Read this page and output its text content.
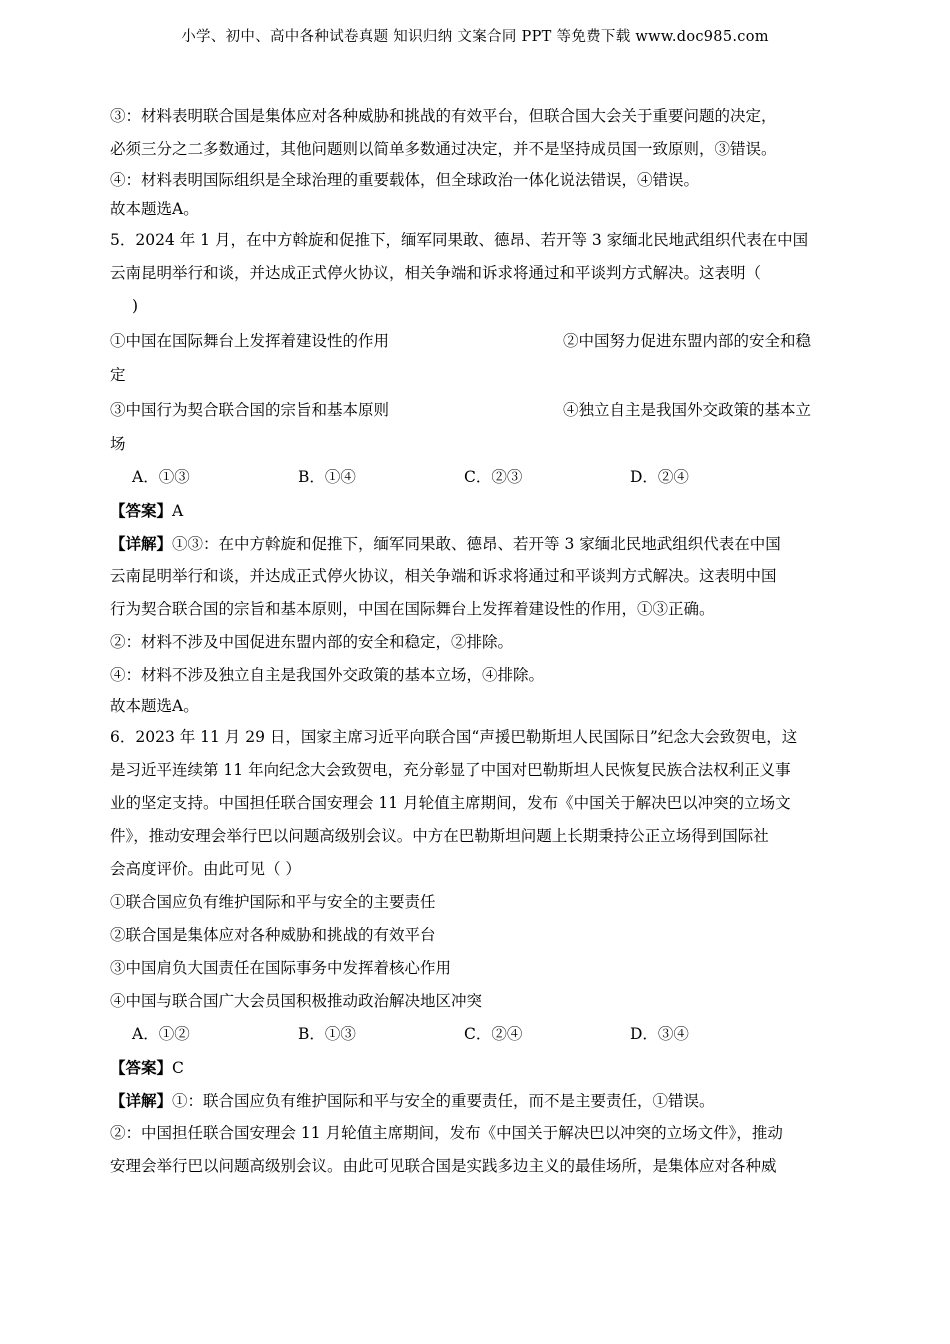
小学、初中、高中各种试卷真题 知识归纳 文案合同 PPT 等免费下载 www.doc985.com
③：材料表明联合国是集体应对各种威胁和挑战的有效平台，但联合国大会关于重要问题的决定，
必须三分之二多数通过，其他问题则以简单多数通过决定，并不是坚持成员国一致原则，③错误。
④：材料表明国际组织是全球治理的重要载体，但全球政治一体化说法错误，④错误。
故本题选A。
5．2024 年 1 月，在中方斡旋和促推下，缅军同果敢、德昂、若开等 3 家缅北民地武组织代表在中国
云南昆明举行和谈，并达成正式停火协议，相关争端和诉求将通过和平谈判方式解决。这表明（
)
①中国在国际舞台上发挥着建设性的作用	②中国努力促进东盟内部的安全和稳
定
③中国行为契合联合国的宗旨和基本原则	④独立自主是我国外交政策的基本立
场
A．①③	B．①④	C．②③	D．②④
【答案】A
【详解】①③：在中方斡旋和促推下，缅军同果敢、德昂、若开等 3 家缅北民地武组织代表在中国
云南昆明举行和谈，并达成正式停火协议，相关争端和诉求将通过和平谈判方式解决。这表明中国
行为契合联合国的宗旨和基本原则，中国在国际舞台上发挥着建设性的作用，①③正确。
②：材料不涉及中国促进东盟内部的安全和稳定，②排除。
④：材料不涉及独立自主是我国外交政策的基本立场，④排除。
故本题选A。
6．2023 年 11 月 29 日，国家主席习近平向联合国“声援巴勒斯坦人民国际日”纪念大会致贺电，这
是习近平连续第 11 年向纪念大会致贺电，充分彰显了中国对巴勒斯坦人民恢复民族合法权利正义事
业的坚定支持。中国担任联合国安理会 11 月轮值主席期间，发布《中国关于解决巴以冲突的立场文
件》，推动安理会举行巴以问题高级别会议。中方在巴勒斯坦问题上长期秉持公正立场得到国际社
会高度评价。由此可见（ ）
①联合国应负有维护国际和平与安全的主要责任
②联合国是集体应对各种威胁和挑战的有效平台
③中国肩负大国责任在国际事务中发挥着核心作用
④中国与联合国广大会员国积极推动政治解决地区冲突
A．①②	B．①③	C．②④	D．③④
【答案】C
【详解】①：联合国应负有维护国际和平与安全的重要责任，而不是主要责任，①错误。
②：中国担任联合国安理会 11 月轮值主席期间，发布《中国关于解决巴以冲突的立场文件》，推动
安理会举行巴以问题高级别会议。由此可见联合国是实践多边主义的最佳场所，是集体应对各种威
